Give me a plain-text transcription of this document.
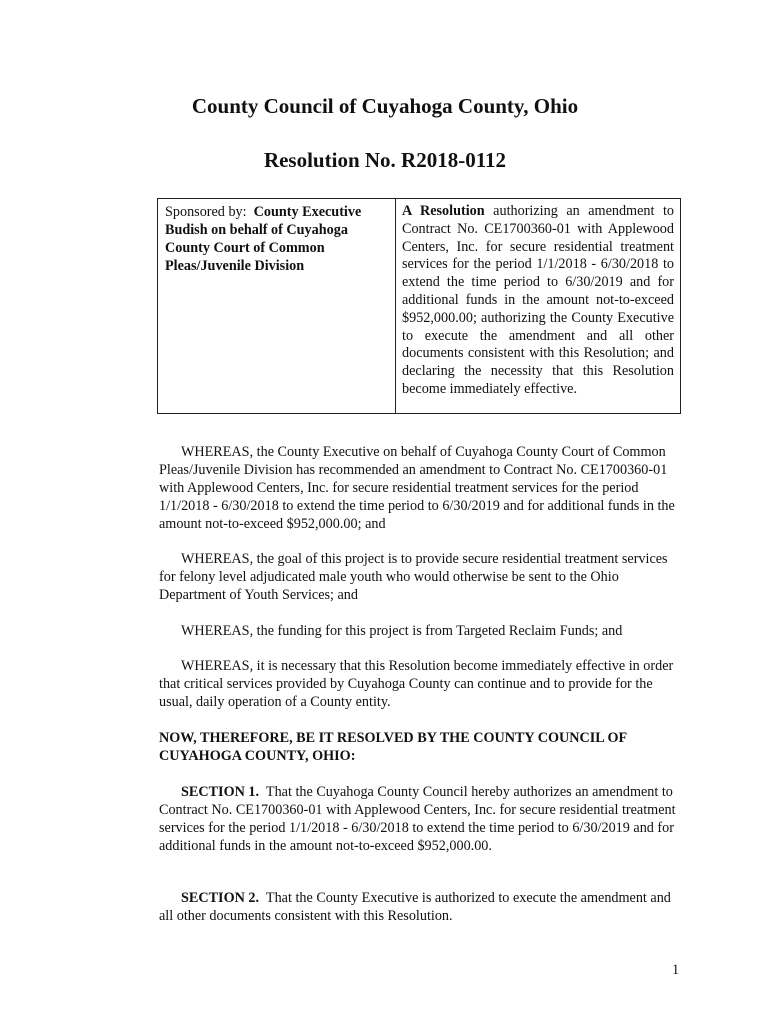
County Council of Cuyahoga County, Ohio
Resolution No. R2018-0112
Sponsored by: County Executive Budish on behalf of Cuyahoga County Court of Common Pleas/Juvenile Division
A Resolution authorizing an amendment to Contract No. CE1700360-01 with Applewood Centers, Inc. for secure residential treatment services for the period 1/1/2018 - 6/30/2018 to extend the time period to 6/30/2019 and for additional funds in the amount not-to-exceed $952,000.00; authorizing the County Executive to execute the amendment and all other documents consistent with this Resolution; and declaring the necessity that this Resolution become immediately effective.

WHEREAS, the County Executive on behalf of Cuyahoga County Court of Common Pleas/Juvenile Division has recommended an amendment to Contract No. CE1700360-01 with Applewood Centers, Inc. for secure residential treatment services for the period 1/1/2018 - 6/30/2018 to extend the time period to 6/30/2019 and for additional funds in the amount not-to-exceed $952,000.00; and

WHEREAS, the goal of this project is to provide secure residential treatment services for felony level adjudicated male youth who would otherwise be sent to the Ohio Department of Youth Services; and

WHEREAS, the funding for this project is from Targeted Reclaim Funds; and

WHEREAS, it is necessary that this Resolution become immediately effective in order that critical services provided by Cuyahoga County can continue and to provide for the usual, daily operation of a County entity.

NOW, THEREFORE, BE IT RESOLVED BY THE COUNTY COUNCIL OF CUYAHOGA COUNTY, OHIO:

SECTION 1. That the Cuyahoga County Council hereby authorizes an amendment to Contract No. CE1700360-01 with Applewood Centers, Inc. for secure residential treatment services for the period 1/1/2018 - 6/30/2018 to extend the time period to 6/30/2019 and for additional funds in the amount not-to-exceed $952,000.00.

SECTION 2. That the County Executive is authorized to execute the amendment and all other documents consistent with this Resolution.

1
